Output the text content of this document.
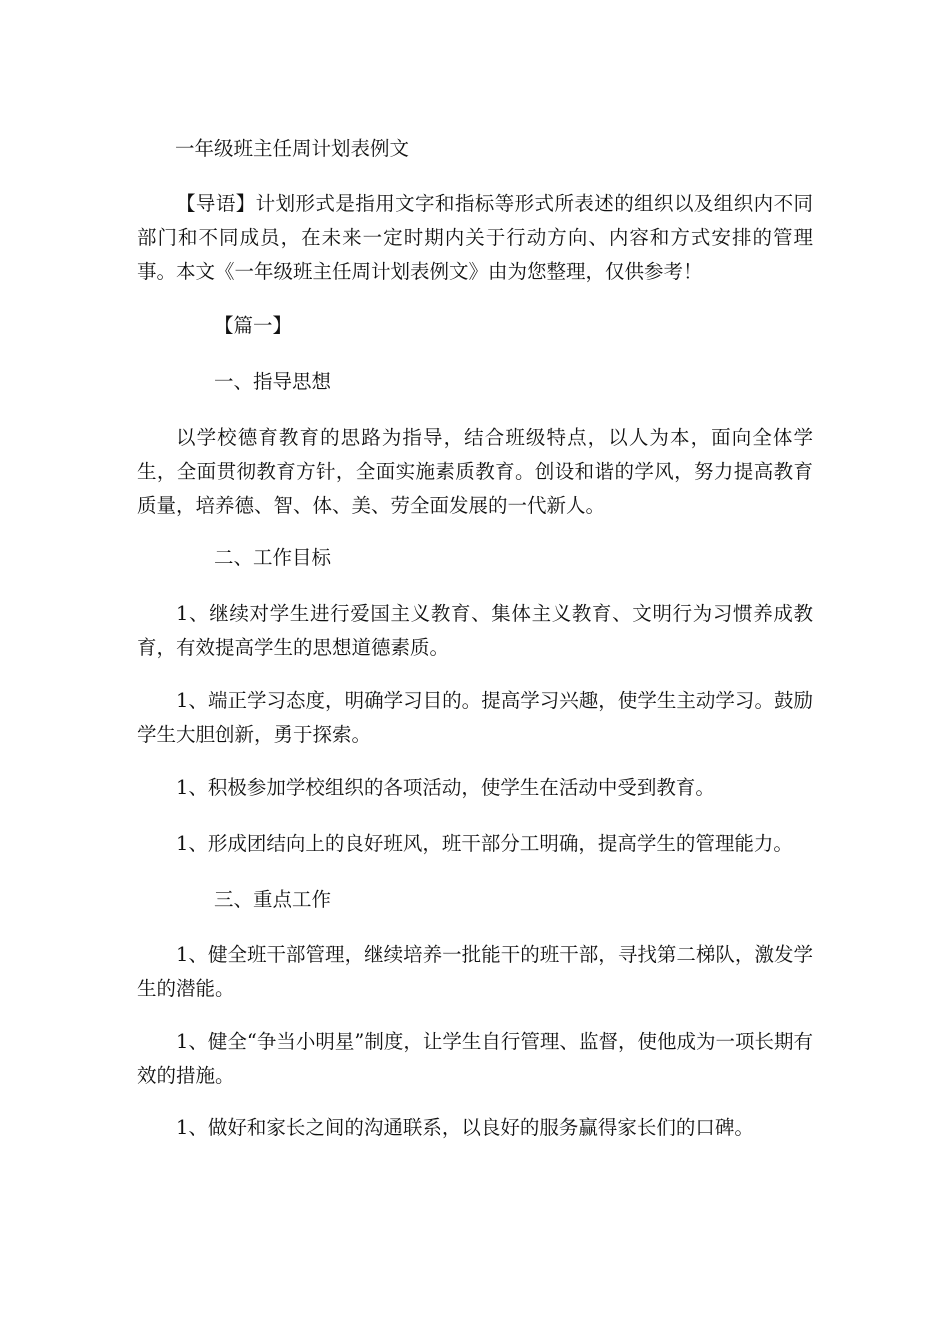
一年级班主任周计划表例文

【导语】计划形式是指用文字和指标等形式所表述的组织以及组织内不同部门和不同成员，在未来一定时期内关于行动方向、内容和方式安排的管理事。本文《一年级班主任周计划表例文》由为您整理，仅供参考！

【篇一】

一、指导思想

以学校德育教育的思路为指导，结合班级特点，以人为本，面向全体学生，全面贯彻教育方针，全面实施素质教育。创设和谐的学风，努力提高教育质量，培养德、智、体、美、劳全面发展的一代新人。

二、工作目标

1、继续对学生进行爱国主义教育、集体主义教育、文明行为习惯养成教育，有效提高学生的思想道德素质。

1、端正学习态度，明确学习目的。提高学习兴趣，使学生主动学习。鼓励学生大胆创新，勇于探索。

1、积极参加学校组织的各项活动，使学生在活动中受到教育。

1、形成团结向上的良好班风，班干部分工明确，提高学生的管理能力。

三、重点工作

1、健全班干部管理，继续培养一批能干的班干部，寻找第二梯队，激发学生的潜能。

1、健全“争当小明星”制度，让学生自行管理、监督，使他成为一项长期有效的措施。

1、做好和家长之间的沟通联系，以良好的服务赢得家长们的口碑。
